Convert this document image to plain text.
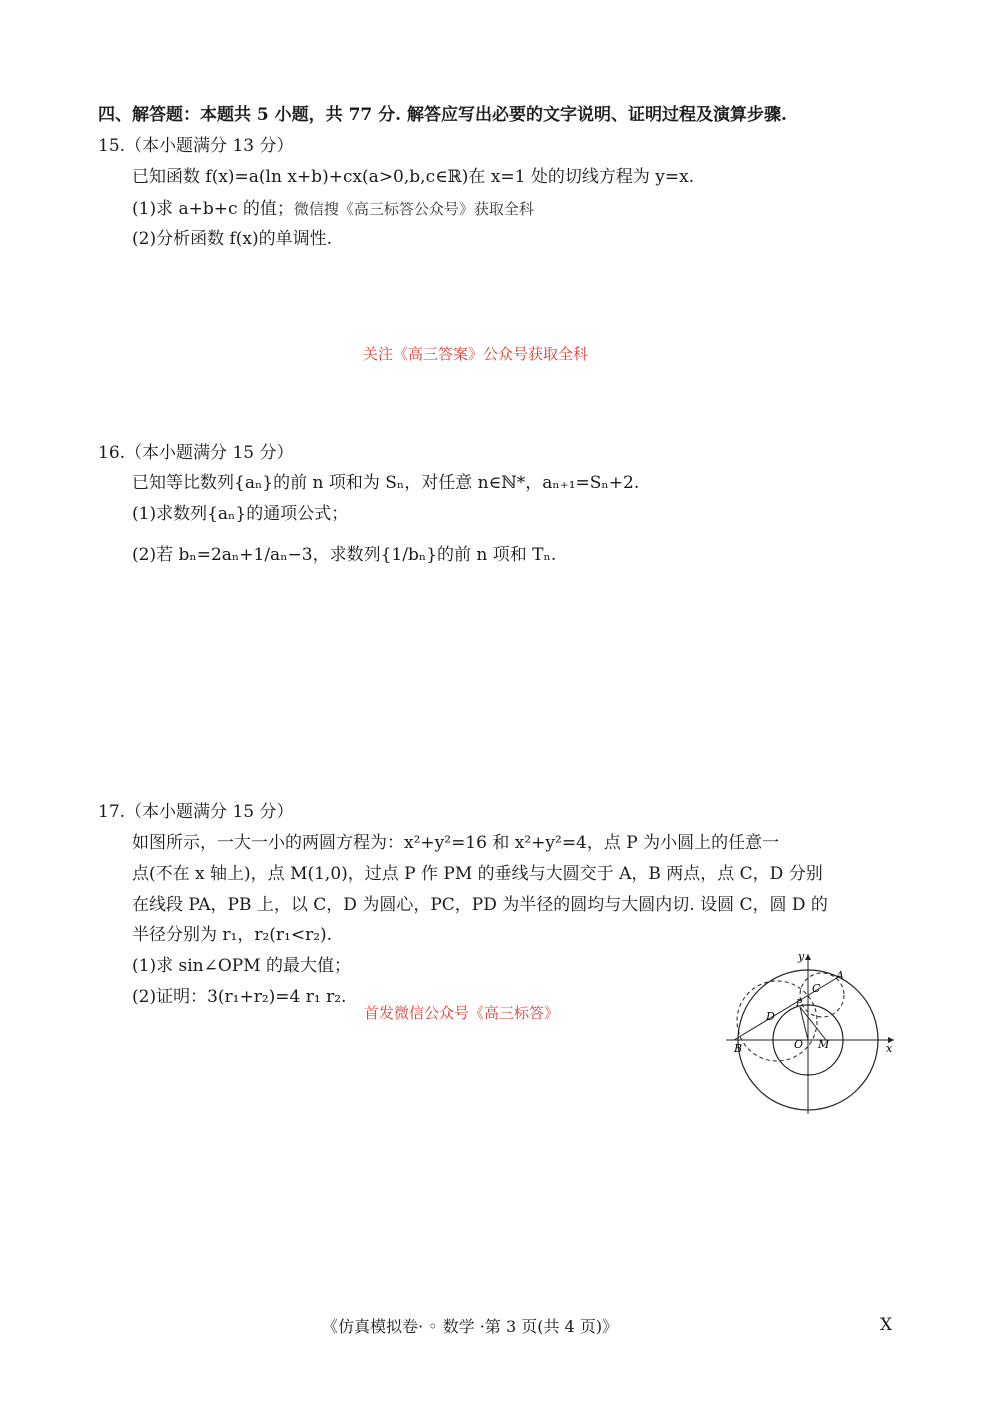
四、解答题：本题共 5 小题，共 77 分. 解答应写出必要的文字说明、证明过程及演算步骤.
15.（本小题满分 13 分）
已知函数 f(x)=a(ln x+b)+cx(a>0,b,c∈ℝ)在 x=1 处的切线方程为 y=x.
(1)求 a+b+c 的值；微信搜《高三标答公众号》获取全科
(2)分析函数 f(x)的单调性.
关注《高三答案》公众号获取全科
16.（本小题满分 15 分）
已知等比数列{aₙ}的前 n 项和为 Sₙ，对任意 n∈ℕ*，aₙ₊₁=Sₙ+2.
(1)求数列{aₙ}的通项公式；
(2)若 bₙ=2aₙ+1/aₙ−3，求数列{1/bₙ}的前 n 项和 Tₙ.
17.（本小题满分 15 分）
如图所示，一大一小的两圆方程为：x²+y²=16 和 x²+y²=4，点 P 为小圆上的任意一
点(不在 x 轴上)，点 M(1,0)，过点 P 作 PM 的垂线与大圆交于 A，B 两点，点 C，D 分别
在线段 PA，PB 上，以 C，D 为圆心，PC，PD 为半径的圆均与大圆内切. 设圆 C，圆 D 的
半径分别为 r₁，r₂(r₁<r₂).
(1)求 sin∠OPM 的最大值；
(2)证明：3(r₁+r₂)=4 r₁ r₂.
首发微信公众号《高三标答》
y
x
A
B
C
D
P
O M
《仿真模拟卷· ◦ 数学 ·第 3 页(共 4 页)》	X
